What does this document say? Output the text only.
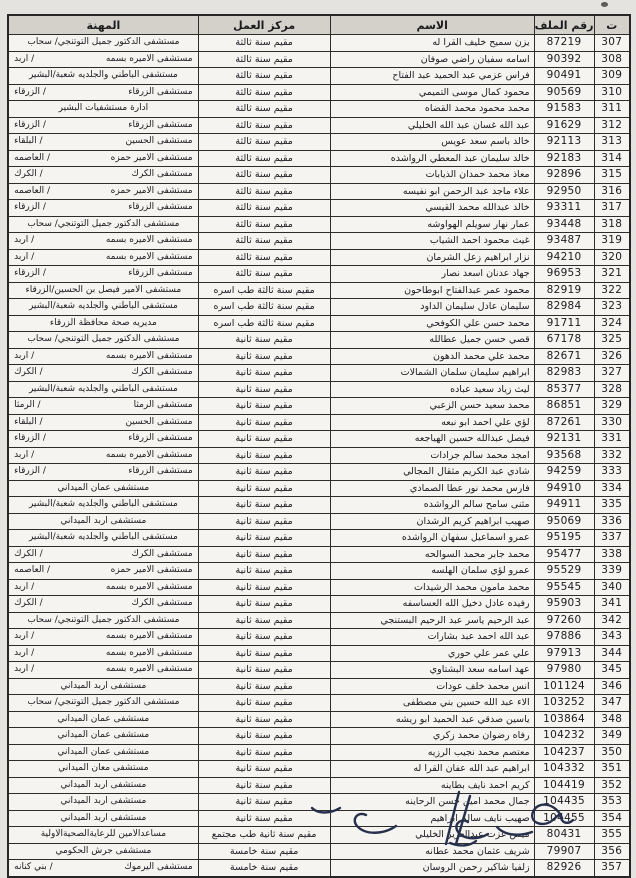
ت	رقم الملف	الاسم	مركز العمل	المهنة
307	87219	يزن سميح خليف القرا له	مقيم سنة ثالثة	مستشفى الدكتور جميل التوتنجي/ سحاب
308	90392	اسامه سفيان راضي صوفان	مقيم سنة ثالثة	مستشفى الاميره بسمه
/ اربد

309	90491	فراس عزمي عبد الحميد عبد الفتاح	مقيم سنة ثالثة	مستشفى الباطني والجلديه شعبة/البشير
310	90569	محمود كمال موسى التميمي	مقيم سنة ثالثة	مستشفى الزرقاء
/ الزرقاء

311	91583	محمد محمود محمد القضاه	مقيم سنة ثالثة	ادارة مستشفيات البشير
312	91629	عبد الله غسان عبد الله الخليلي	مقيم سنة ثالثة	مستشفى الزرقاء
/ الزرقاء

313	92113	خالد باسم سعد عويس	مقيم سنة ثالثة	مستشفى الحسين
/ البلقاء

314	92183	خالد سليمان عبد المعطي الرواشده	مقيم سنة ثالثة	مستشفى الامير حمزه
/ العاصمه

315	92896	معاذ محمد حمدان الذيابات	مقيم سنة ثالثة	مستشفى الكرك
/ الكرك

316	92950	علاء ماجد عبد الرحمن ابو نفيسه	مقيم سنة ثالثة	مستشفى الامير حمزه
/ العاصمه

317	93311	خالد عبدالله محمد القيسي	مقيم سنة ثالثة	مستشفى الزرقاء
/ الزرقاء

318	93448	عمار نهار سويلم الهواوشه	مقيم سنة ثالثة	مستشفى الدكتور جميل التوتنجي/ سحاب
319	93487	غيث محمود احمد الشياب	مقيم سنة ثالثة	مستشفى الاميره بسمه
/ اربد

320	94210	نزار ابراهيم زعل الشرمان	مقيم سنة ثالثة	مستشفى الاميره بسمه
/ اربد

321	96953	جهاد عدنان اسعد نصار	مقيم سنة ثالثة	مستشفى الزرقاء
/ الزرقاء

322	82919	محمود عمر عبدالفتاح ابوطاحون	مقيم سنة ثالثة طب اسره	مستشفى الامير فيصل بن الحسين/الزرقاء
323	82984	سليمان عادل سليمان الداود	مقيم سنة ثالثة طب اسره	مستشفى الباطني والجلديه شعبة/البشير
324	91711	محمد حسن علي الكوفحي	مقيم سنة ثالثة طب اسره	مديريه صحة محافظة الزرقاء
325	67178	قصي حسن جميل عطالله	مقيم سنة ثانية	مستشفى الدكتور جميل التوتنجي/ سحاب
326	82671	محمد علي محمد الدهون	مقيم سنة ثانية	مستشفى الاميره بسمه
/ اربد

327	82983	ابراهيم سليمان سلمان الشمالات	مقيم سنة ثانية	مستشفى الكرك
/ الكرك

328	85377	ليث زياد سعيد عباده	مقيم سنة ثانية	مستشفى الباطني والجلديه شعبة/البشير
329	86851	محمد سعيد حسن الزعبي	مقيم سنة ثانية	مستشفى الرمثا
/ الرمثا

330	87261	لؤي علي احمد ابو نبعه	مقيم سنة ثانية	مستشفى الحسين
/ البلقاء

331	92131	فيصل عبدالله حسين الهياجعه	مقيم سنة ثانية	مستشفى الزرقاء
/ الزرقاء

332	93568	امجد محمد سالم جرادات	مقيم سنة ثانية	مستشفى الاميره بسمه
/ اربد

333	94259	شادي عبد الكريم مثقال المجالي	مقيم سنة ثانية	مستشفى الزرقاء
/ الزرقاء

334	94910	فارس محمد نور عطا الصمادي	مقيم سنة ثانية	مستشفى عمان الميداني
335	94911	مثنى سامح سالم الرواشده	مقيم سنة ثانية	مستشفى الباطني والجلديه شعبة/البشير
336	95069	صهيب ابراهيم كريم الرشدان	مقيم سنة ثانية	مستشفى اربد الميداني
337	95195	عمرو اسماعيل سفهان الرواشده	مقيم سنة ثانية	مستشفى الباطني والجلديه شعبة/البشير
338	95477	محمد جابر محمد السوالحه	مقيم سنة ثانية	مستشفى الكرك
/ الكرك

339	95529	عمرو لؤي سلمان الهلسه	مقيم سنة ثانية	مستشفى الامير حمزه
/ العاصمه

340	95545	محمد مامون محمد الرشيدات	مقيم سنة ثانية	مستشفى الاميره بسمه
/ اربد

341	95903	رفيده عادل دخيل الله العساسفه	مقيم سنة ثانية	مستشفى الكرك
/ الكرك

342	97260	عبد الرحيم ياسر عبد الرحيم البستنجي	مقيم سنة ثانية	مستشفى الدكتور جميل التوتنجي/ سحاب
343	97886	عبد الله احمد عبد بشارات	مقيم سنة ثانية	مستشفى الاميره بسمه
/ اربد

344	97913	علي عمر علي حوري	مقيم سنة ثانية	مستشفى الاميره بسمه
/ اربد

345	97980	عهد اسامه سعد البشتاوي	مقيم سنة ثانية	مستشفى الاميره بسمه
/ اربد

346	101124	انس محمد خلف عودات	مقيم سنة ثانية	مستشفى اربد الميداني
347	103252	الاء عبد الله حسين بني مصطفى	مقيم سنة ثانية	مستشفى الدكتور جميل التوتنجي/ سحاب
348	103864	ياسين صدقي عبد الحميد ابو ريشه	مقيم سنة ثانية	مستشفى عمان الميداني
349	104232	رفاه رضوان محمد زكري	مقيم سنة ثانية	مستشفى عمان الميداني
350	104237	معتصم محمد نجيب الرزيه	مقيم سنة ثانية	مستشفى عمان الميداني
351	104332	ابراهيم عبد الله عفان القرا له	مقيم سنة ثانية	مستشفى معان الميداني
352	104419	كريم احمد نايف بطاينه	مقيم سنة ثانية	مستشفى اربد الميداني
353	104435	جمال محمد امين حسن الرحاينه	مقيم سنة ثانية	مستشفى اربد الميداني
354	104455	صهيب نايف سالم ابراهيم	مقيم سنة ثانية	مستشفى اربد الميداني
355	80431	ميس عزت عبدالعزيز الخليلي	مقيم سنة ثانية طب مجتمع	مساعدالامين للرعايةالصحيةالاولية
356	79907	شريف عثمان محمد عطانه	مقيم سنة خامسة	مستشفى جرش الحكومي
357	82926	زلفيا شاكير رحمن الروسان	مقيم سنة خامسة	مستشفى اليرموك
/ بني كنانه
